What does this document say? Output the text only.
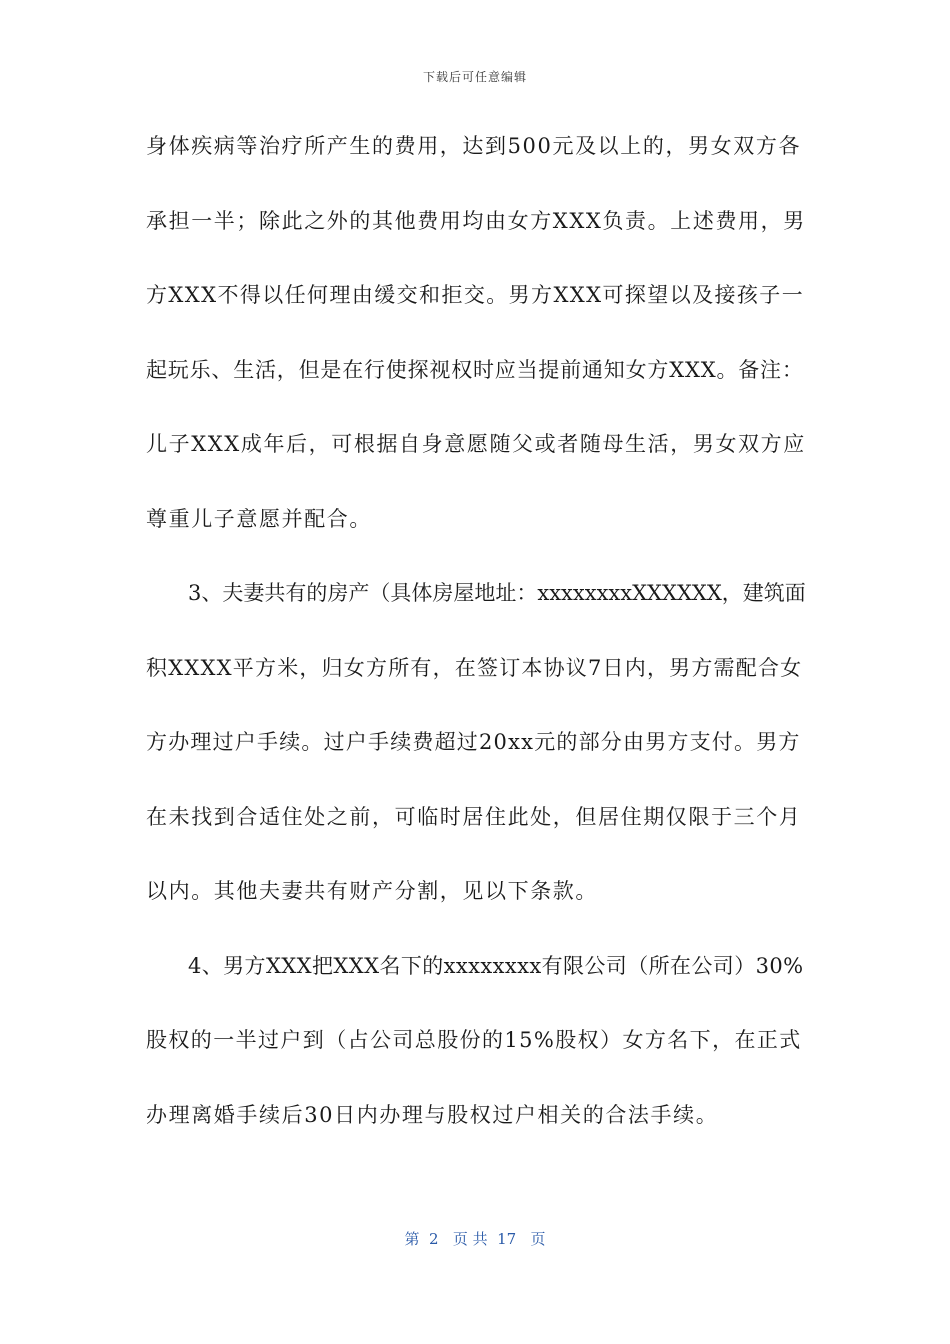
下载后可任意编辑
身体疾病等治疗所产生的费用，达到500元及以上的，男女双方各
承担一半；除此之外的其他费用均由女方XXX负责。上述费用，男
方XXX不得以任何理由缓交和拒交。男方XXX可探望以及接孩子一
起玩乐、生活，但是在行使探视权时应当提前通知女方XXX。备注：
儿子XXX成年后，可根据自身意愿随父或者随母生活，男女双方应
尊重儿子意愿并配合。
3、夫妻共有的房产（具体房屋地址：xxxxxxxxXXXXXX，建筑面
积XXXX平方米，归女方所有，在签订本协议7日内，男方需配合女
方办理过户手续。过户手续费超过20xx元的部分由男方支付。男方
在未找到合适住处之前，可临时居住此处，但居住期仅限于三个月
以内。其他夫妻共有财产分割，见以下条款。
4、男方XXX把XXX名下的xxxxxxxx有限公司（所在公司）30%
股权的一半过户到（占公司总股份的15%股权）女方名下，在正式
办理离婚手续后30日内办理与股权过户相关的合法手续。
第  2   页 共  17   页
